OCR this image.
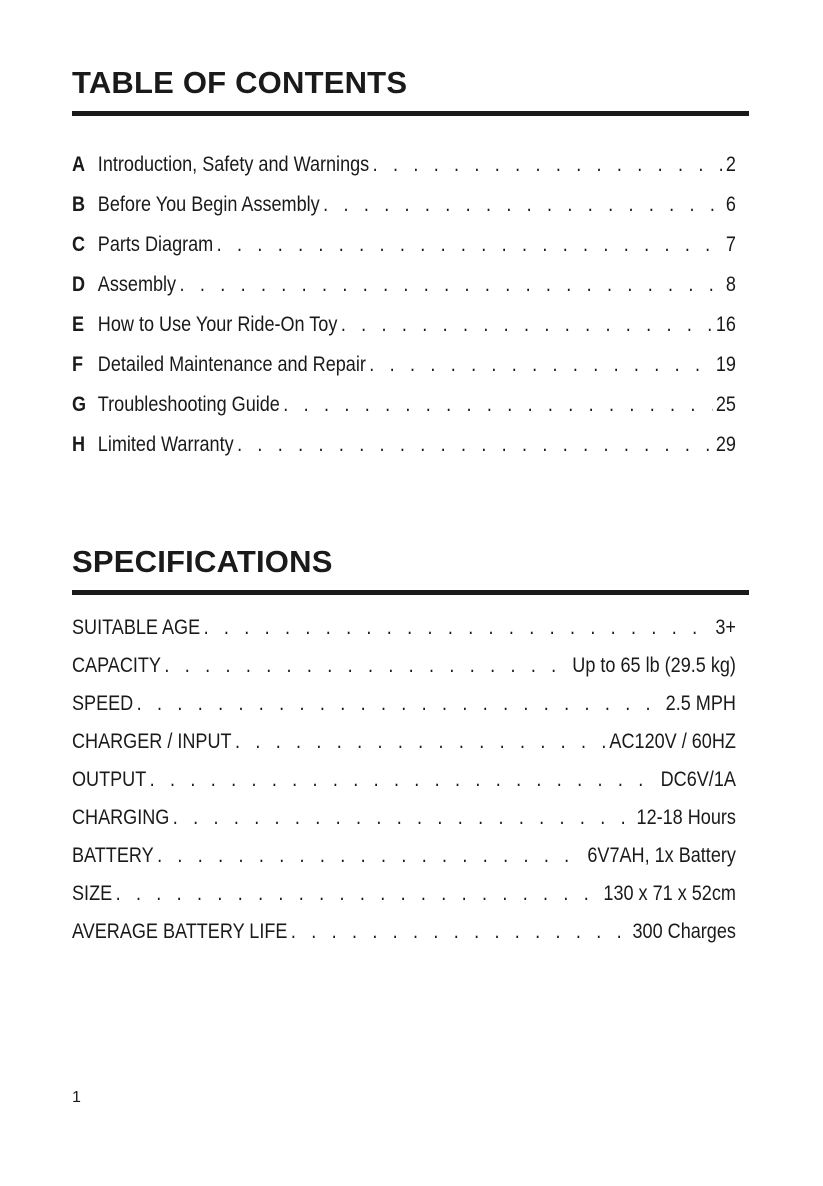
TABLE OF CONTENTS
A Introduction, Safety and Warnings . . .	2
B Before You Begin Assembly . . .	6
C Parts Diagram . . .	7
D Assembly . . .	8
E How to Use Your Ride-On Toy . . .	16
F Detailed Maintenance and Repair . . .	19
G Troubleshooting Guide . . .	25
H Limited Warranty . . .	29
SPECIFICATIONS
SUITABLE AGE . . .	3+
CAPACITY . . .	Up to 65 lb (29.5 kg)
SPEED . . .	2.5 MPH
CHARGER / INPUT . . .	AC120V / 60HZ
OUTPUT . . .	DC6V/1A
CHARGING . . .	12-18 Hours
BATTERY . . .	6V7AH, 1x Battery
SIZE . . .	130 x 71 x 52cm
AVERAGE BATTERY LIFE . . .	300 Charges
1
